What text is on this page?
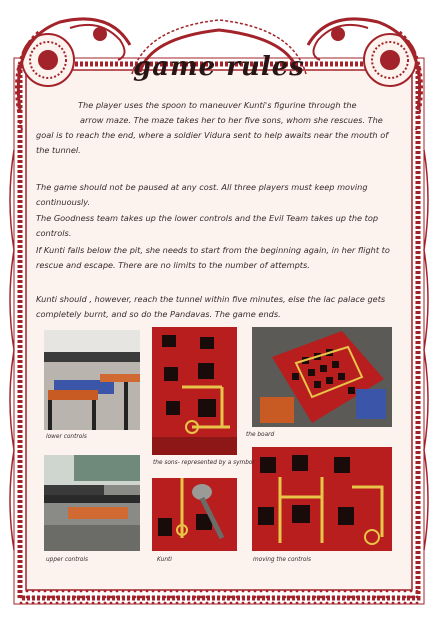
game rules
The player uses the spoon to maneuver Kunti's figurine through the
arrow maze. The maze takes her to her five sons, whom she rescues. The
goal is to reach the end, where a soldier Vidura sent to help awaits near the mouth of the tunnel.
The game should not be paused at any cost. All three players must keep moving continuously.
The Goodness team takes up the lower controls and the Evil Team takes up the top controls.
If Kunti falls below the pit, she needs to start from the beginning again, in her flight to rescue and escape. There are no limits to the number of attempts.
Kunti should , however, reach the tunnel within five minutes, else the lac palace gets completely burnt, and so do the Pandavas. The game ends.
lower controls
the sons- represented by a symbol
the board
upper controls	Kunti	moving the controls
